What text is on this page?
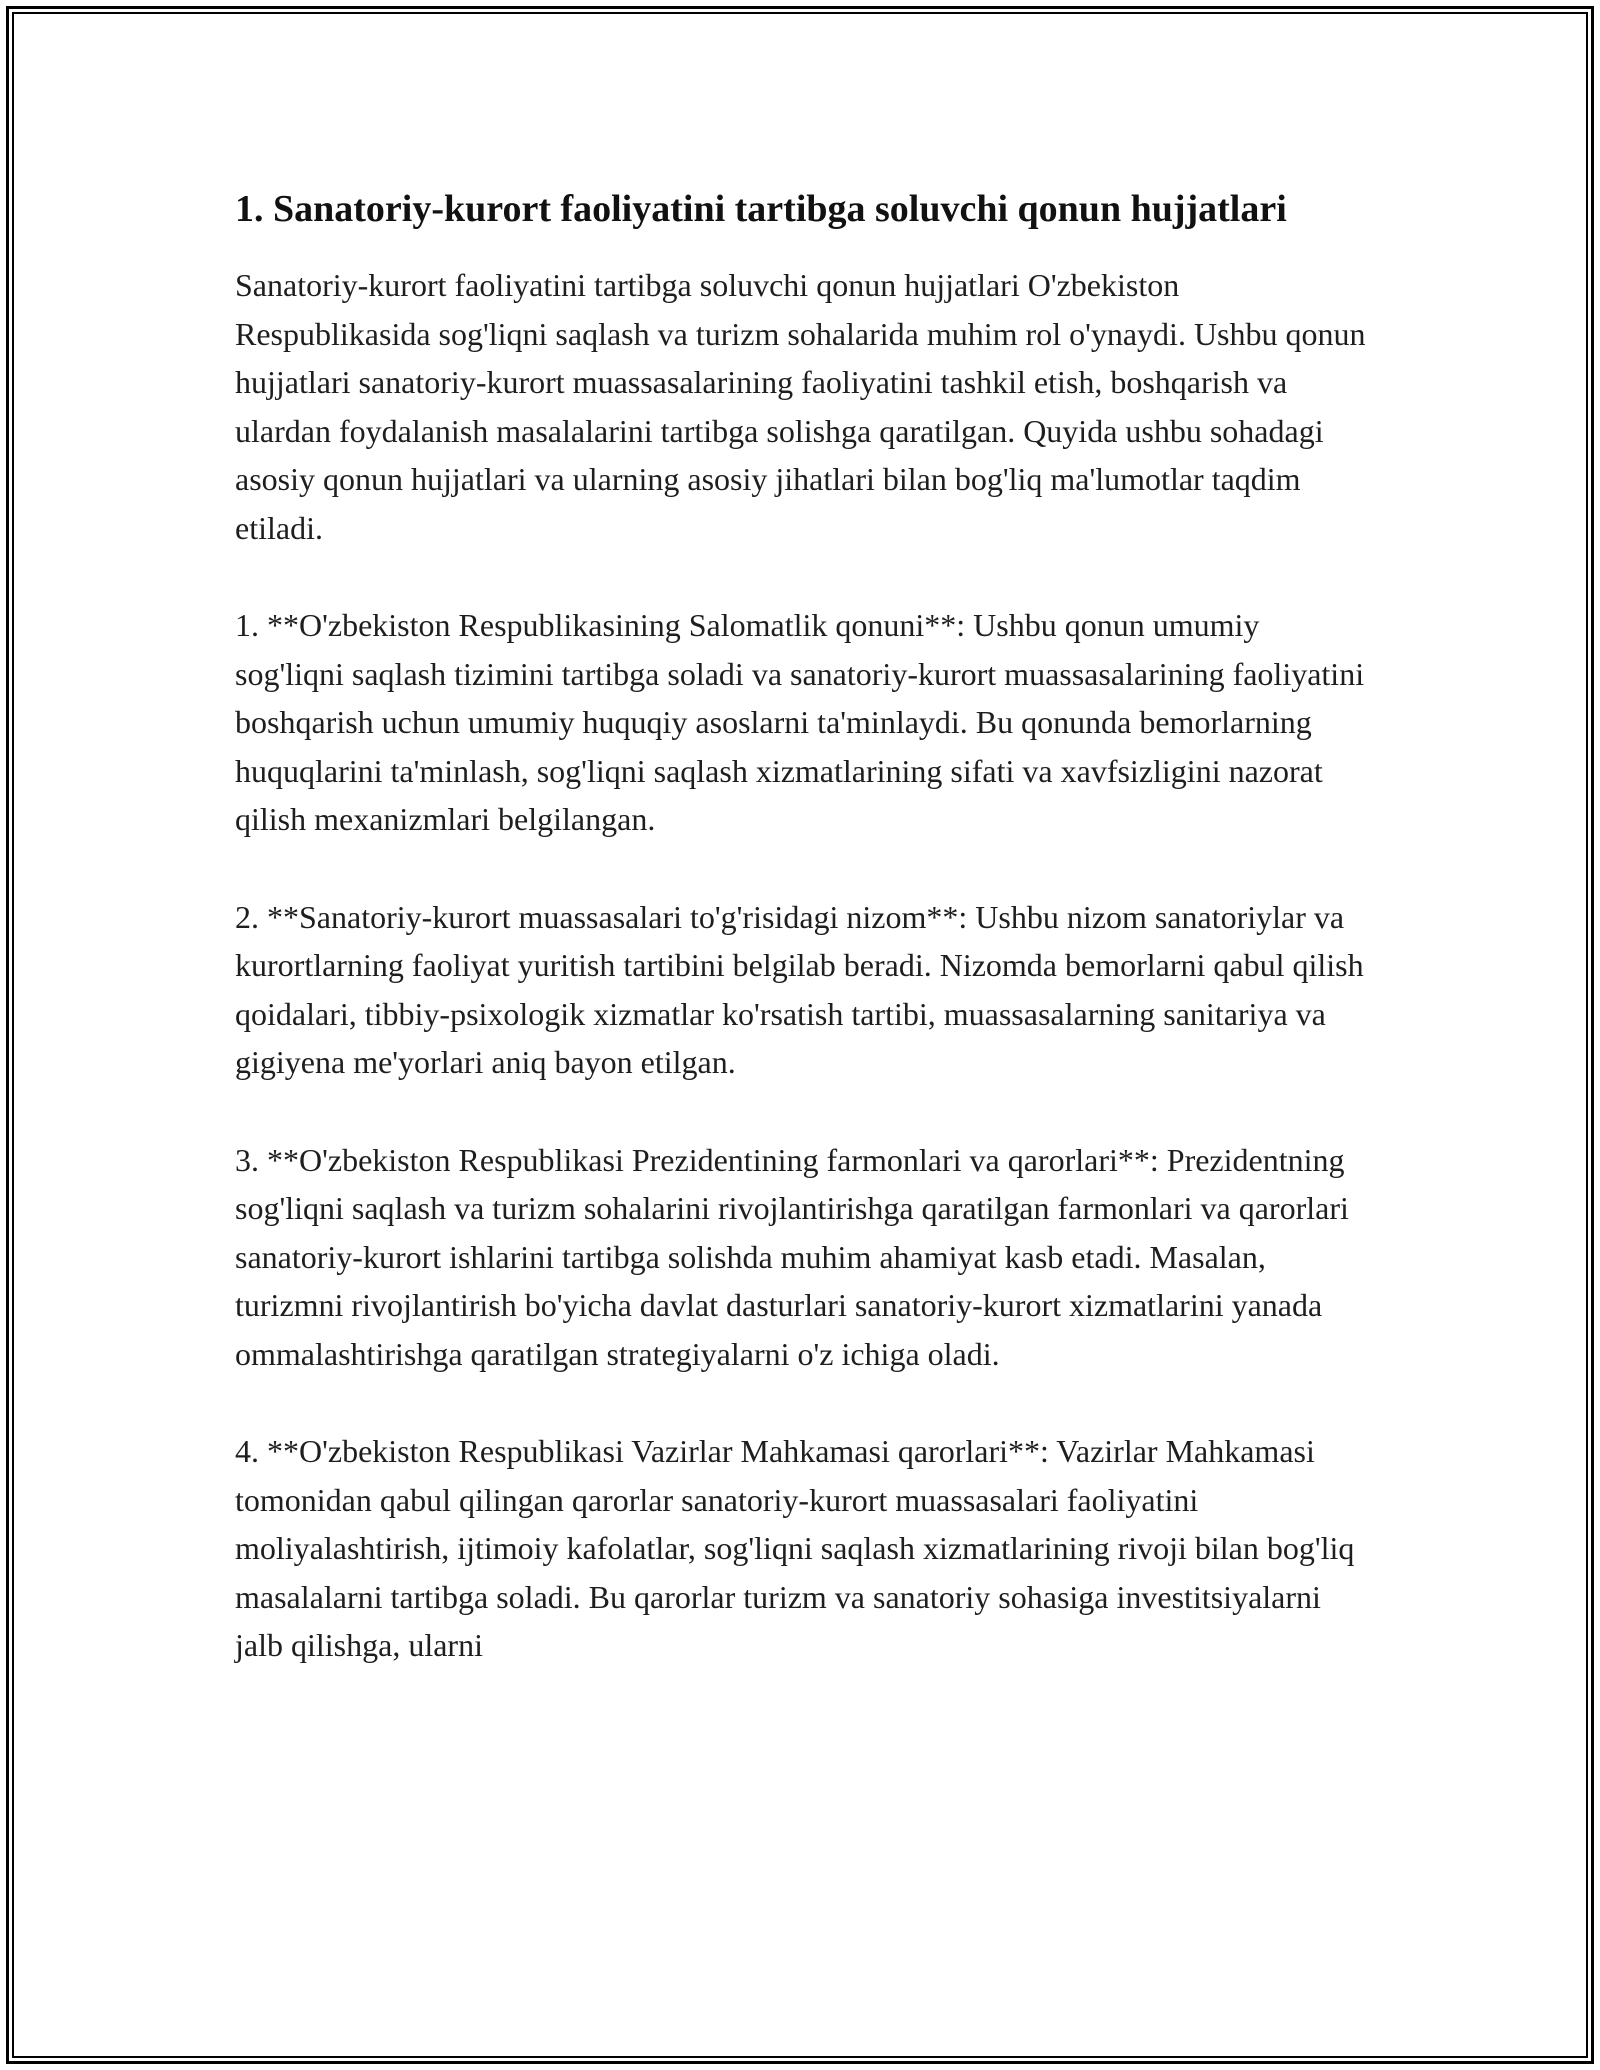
1. Sanatoriy-kurort faoliyatini tartibga soluvchi qonun hujjatlari

Sanatoriy-kurort faoliyatini tartibga soluvchi qonun hujjatlari O'zbekiston Respublikasida sog'liqni saqlash va turizm sohalarida muhim rol o'ynaydi. Ushbu qonun hujjatlari sanatoriy-kurort muassasalarining faoliyatini tashkil etish, boshqarish va ulardan foydalanish masalalarini tartibga solishga qaratilgan. Quyida ushbu sohadagi asosiy qonun hujjatlari va ularning asosiy jihatlari bilan bog'liq ma'lumotlar taqdim etiladi.

1. **O'zbekiston Respublikasining Salomatlik qonuni**: Ushbu qonun umumiy sog'liqni saqlash tizimini tartibga soladi va sanatoriy-kurort muassasalarining faoliyatini boshqarish uchun umumiy huquqiy asoslarni ta'minlaydi. Bu qonunda bemorlarning huquqlarini ta'minlash, sog'liqni saqlash xizmatlarining sifati va xavfsizligini nazorat qilish mexanizmlari belgilangan.

2. **Sanatoriy-kurort muassasalari to'g'risidagi nizom**: Ushbu nizom sanatoriylar va kurortlarning faoliyat yuritish tartibini belgilab beradi. Nizomda bemorlarni qabul qilish qoidalari, tibbiy-psixologik xizmatlar ko'rsatish tartibi, muassasalarning sanitariya va gigiyena me'yorlari aniq bayon etilgan.

3. **O'zbekiston Respublikasi Prezidentining farmonlari va qarorlari**: Prezidentning sog'liqni saqlash va turizm sohalarini rivojlantirishga qaratilgan farmonlari va qarorlari sanatoriy-kurort ishlarini tartibga solishda muhim ahamiyat kasb etadi. Masalan, turizmni rivojlantirish bo'yicha davlat dasturlari sanatoriy-kurort xizmatlarini yanada ommalashtirishga qaratilgan strategiyalarni o'z ichiga oladi.

4. **O'zbekiston Respublikasi Vazirlar Mahkamasi qarorlari**: Vazirlar Mahkamasi tomonidan qabul qilingan qarorlar sanatoriy-kurort muassasalari faoliyatini moliyalashtirish, ijtimoiy kafolatlar, sog'liqni saqlash xizmatlarining rivoji bilan bog'liq masalalarni tartibga soladi. Bu qarorlar turizm va sanatoriy sohasiga investitsiyalarni jalb qilishga, ularni
